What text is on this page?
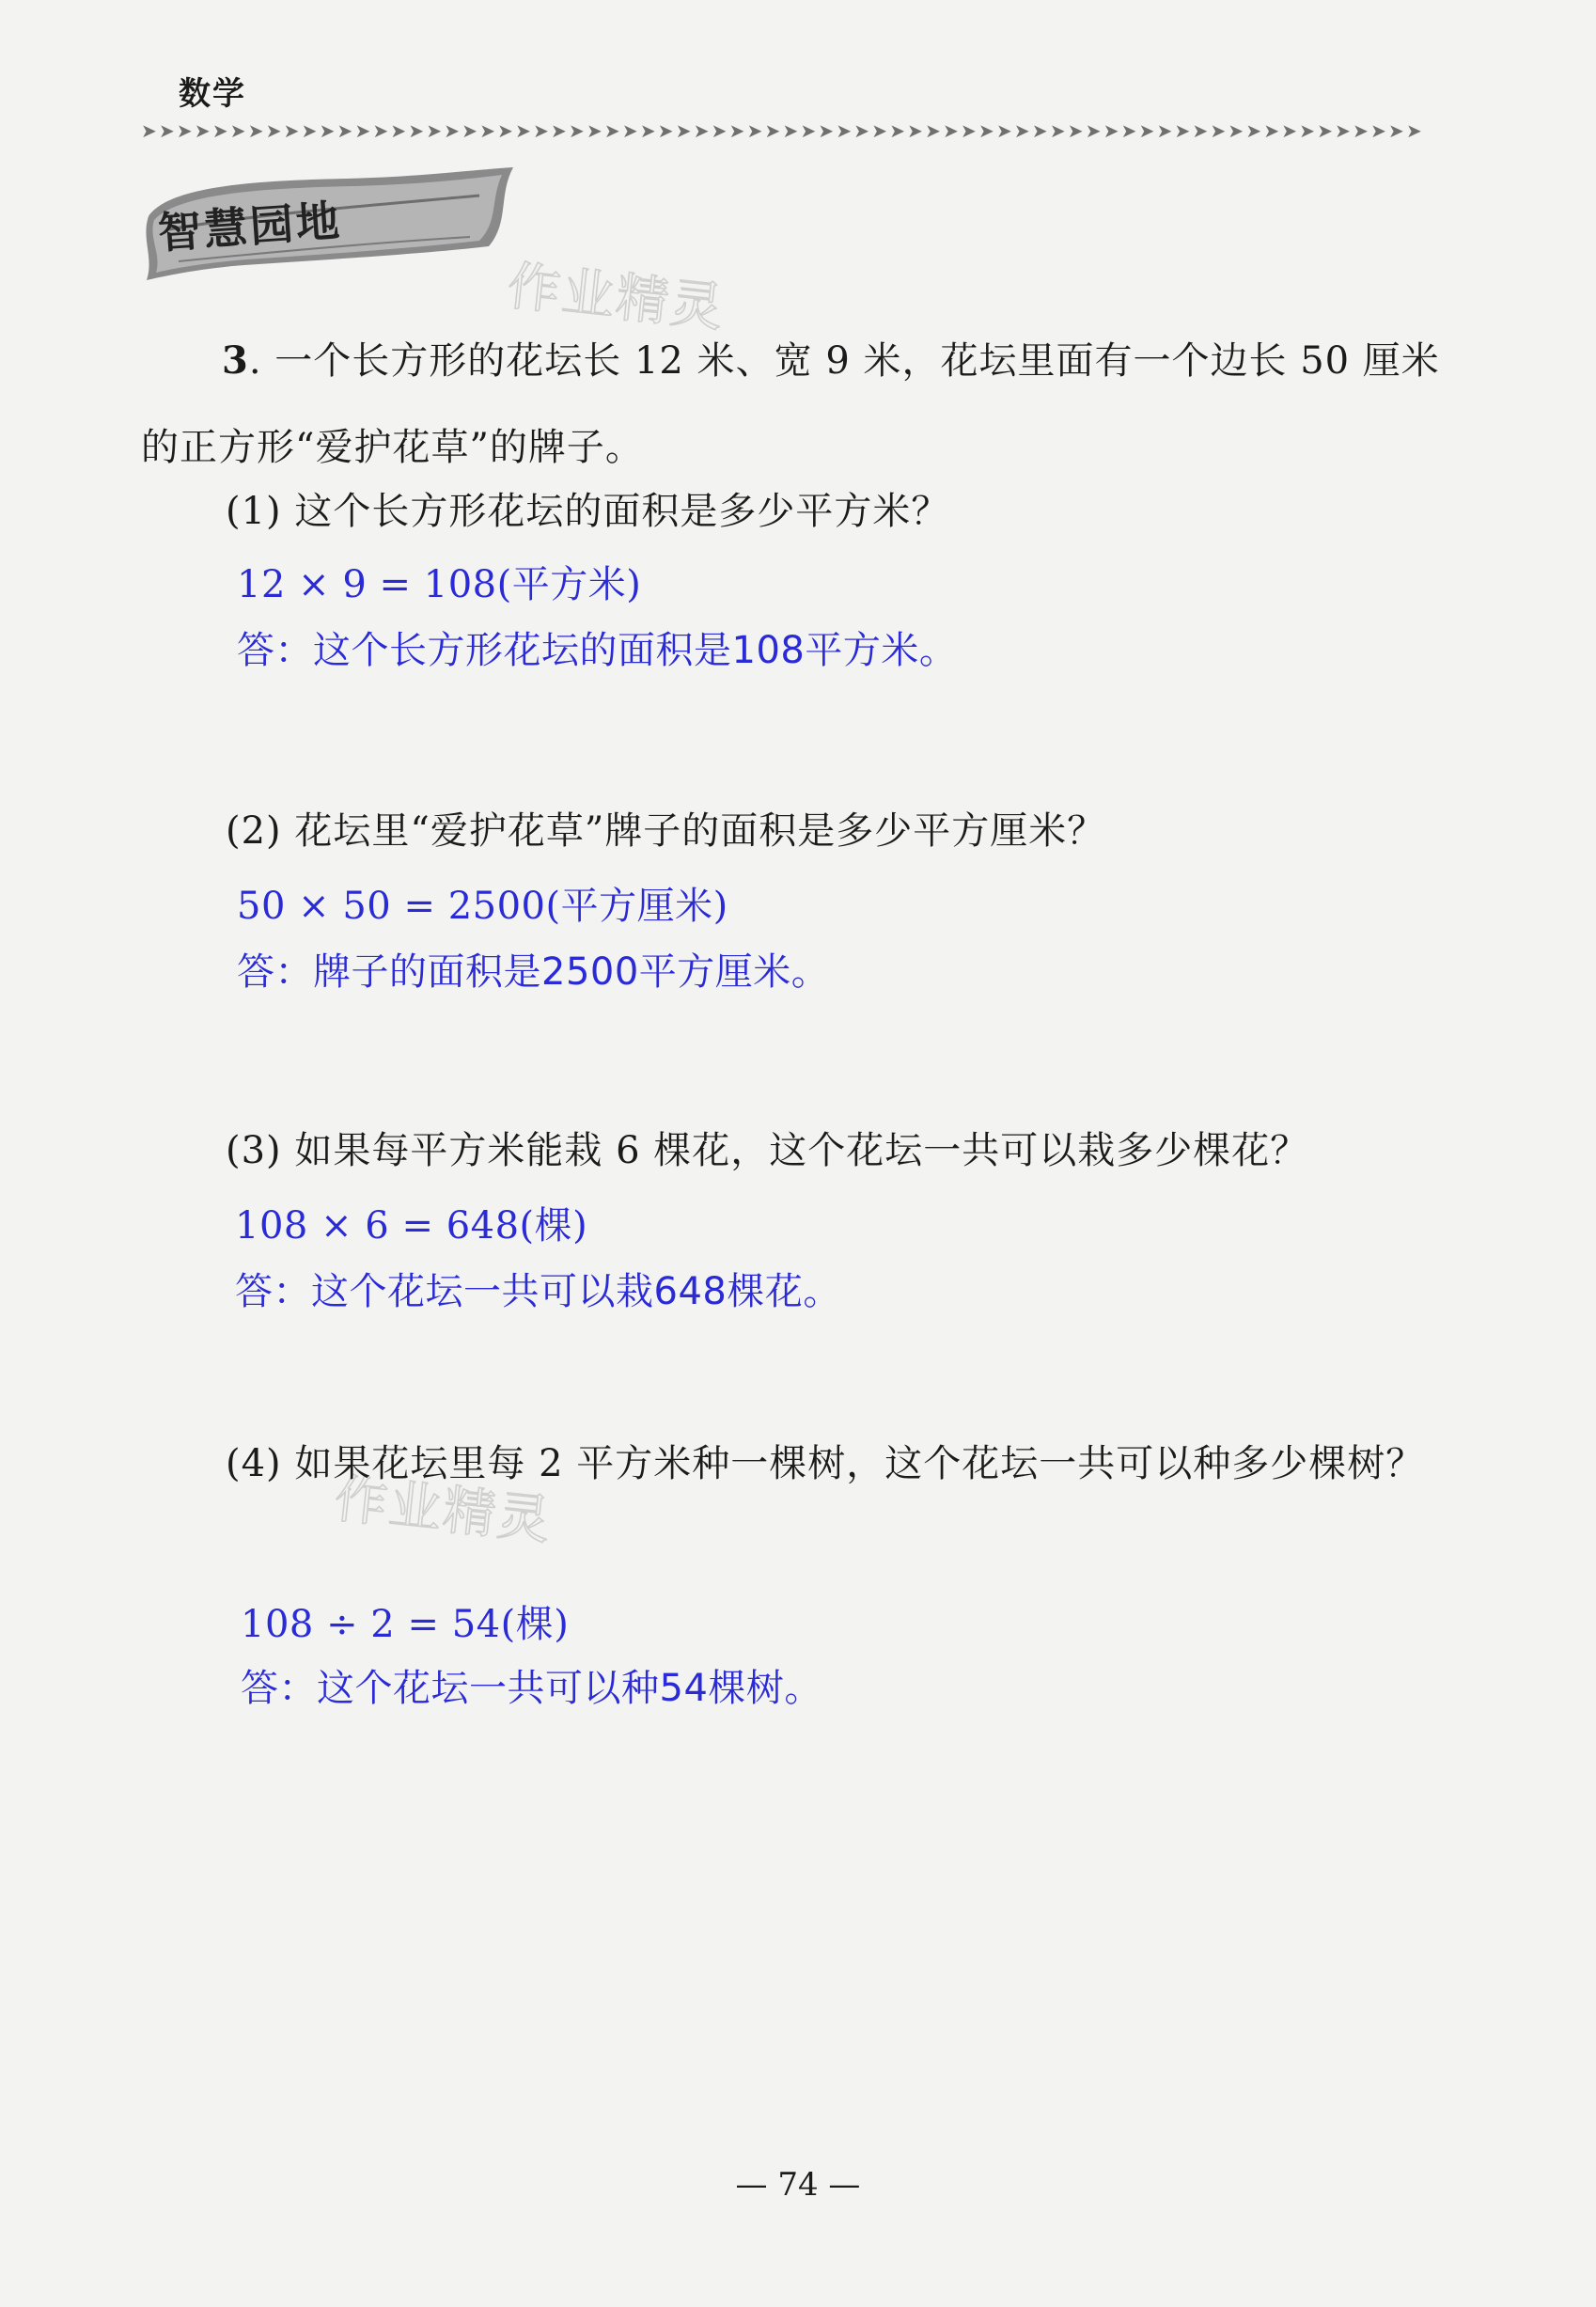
数学
➤➤➤➤➤➤➤➤➤➤➤➤➤➤➤➤➤➤➤➤➤➤➤➤➤➤➤➤➤➤➤➤➤➤➤➤➤➤➤➤➤➤➤➤➤➤➤➤➤➤➤➤➤➤➤➤➤➤➤➤➤➤➤➤➤➤➤➤➤➤➤➤
智慧园地
作业精灵
作业精灵
3. 一个长方形的花坛长 12 米、宽 9 米，花坛里面有一个边长 50 厘米的正方形“爱护花草”的牌子。
(1) 这个长方形花坛的面积是多少平方米？
12 × 9 = 108(平方米)
答：这个长方形花坛的面积是108平方米。
(2) 花坛里“爱护花草”牌子的面积是多少平方厘米？
50 × 50 = 2500(平方厘米)
答：牌子的面积是2500平方厘米。
(3) 如果每平方米能栽 6 棵花，这个花坛一共可以栽多少棵花？
108 × 6 = 648(棵)
答：这个花坛一共可以栽648棵花。
(4) 如果花坛里每 2 平方米种一棵树，这个花坛一共可以种多少棵树？
108 ÷ 2 = 54(棵)
答：这个花坛一共可以种54棵树。
— 74 —
